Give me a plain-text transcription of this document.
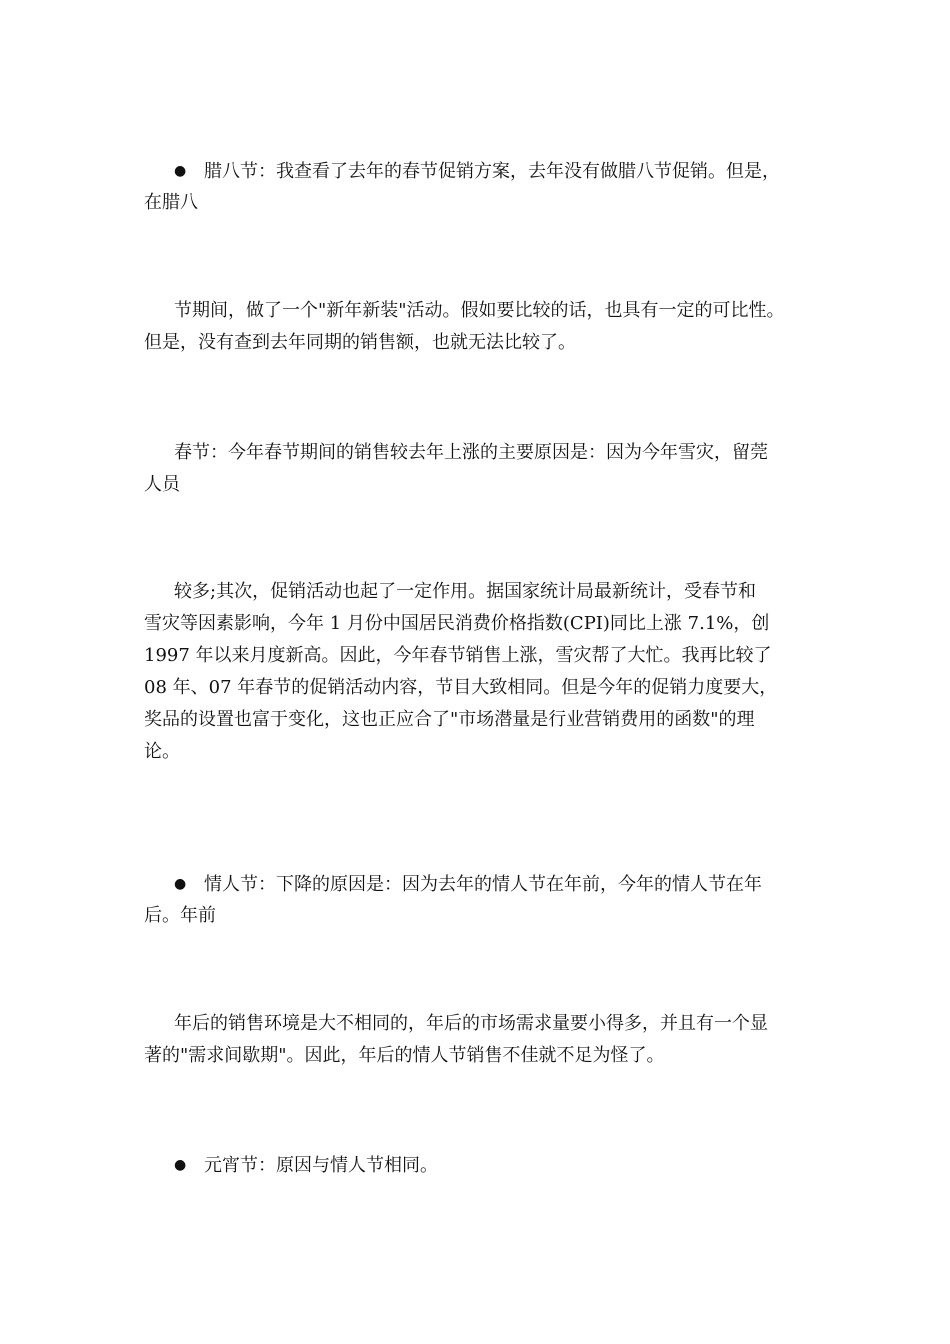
● 腊八节：我查看了去年的春节促销方案，去年没有做腊八节促销。但是，
在腊八
节期间，做了一个"新年新装"活动。假如要比较的话，也具有一定的可比性。
但是，没有查到去年同期的销售额，也就无法比较了。
春节：今年春节期间的销售较去年上涨的主要原因是：因为今年雪灾，留莞
人员
较多;其次，促销活动也起了一定作用。据国家统计局最新统计，受春节和
雪灾等因素影响，今年 1 月份中国居民消费价格指数(CPI)同比上涨 7.1%，创
1997 年以来月度新高。因此，今年春节销售上涨，雪灾帮了大忙。我再比较了
08 年、07 年春节的促销活动内容，节目大致相同。但是今年的促销力度要大，
奖品的设置也富于变化，这也正应合了"市场潜量是行业营销费用的函数"的理
论。
● 情人节：下降的原因是：因为去年的情人节在年前，今年的情人节在年
后。年前
年后的销售环境是大不相同的，年后的市场需求量要小得多，并且有一个显
著的"需求间歇期"。因此，年后的情人节销售不佳就不足为怪了。
● 元宵节：原因与情人节相同。
